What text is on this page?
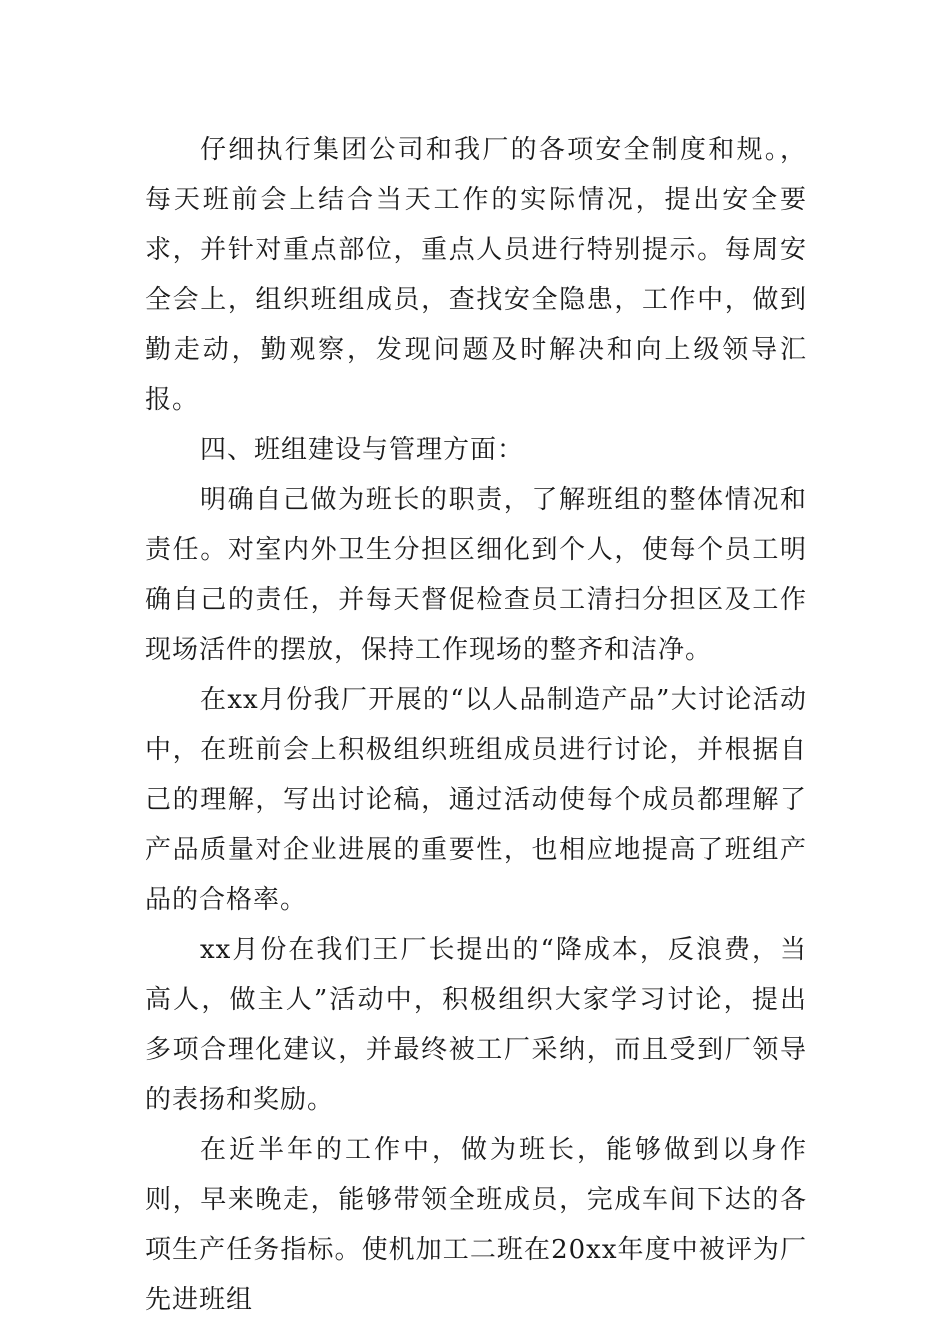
仔细执行集团公司和我厂的各项安全制度和规。，每天班前会上结合当天工作的实际情况，提出安全要求，并针对重点部位，重点人员进行特别提示。每周安全会上，组织班组成员，查找安全隐患，工作中，做到勤走动，勤观察，发现问题及时解决和向上级领导汇报。

四、班组建设与管理方面：

明确自己做为班长的职责，了解班组的整体情况和责任。对室内外卫生分担区细化到个人，使每个员工明确自己的责任，并每天督促检查员工清扫分担区及工作现场活件的摆放，保持工作现场的整齐和洁净。

在xx月份我厂开展的“以人品制造产品”大讨论活动中，在班前会上积极组织班组成员进行讨论，并根据自己的理解，写出讨论稿，通过活动使每个成员都理解了产品质量对企业进展的重要性，也相应地提高了班组产品的合格率。

xx月份在我们王厂长提出的“降成本，反浪费，当高人，做主人”活动中，积极组织大家学习讨论，提出多项合理化建议，并最终被工厂采纳，而且受到厂领导的表扬和奖励。

在近半年的工作中，做为班长，能够做到以身作则，早来晚走，能够带领全班成员，完成车间下达的各项生产任务指标。使机加工二班在20xx年度中被评为厂先进班组
